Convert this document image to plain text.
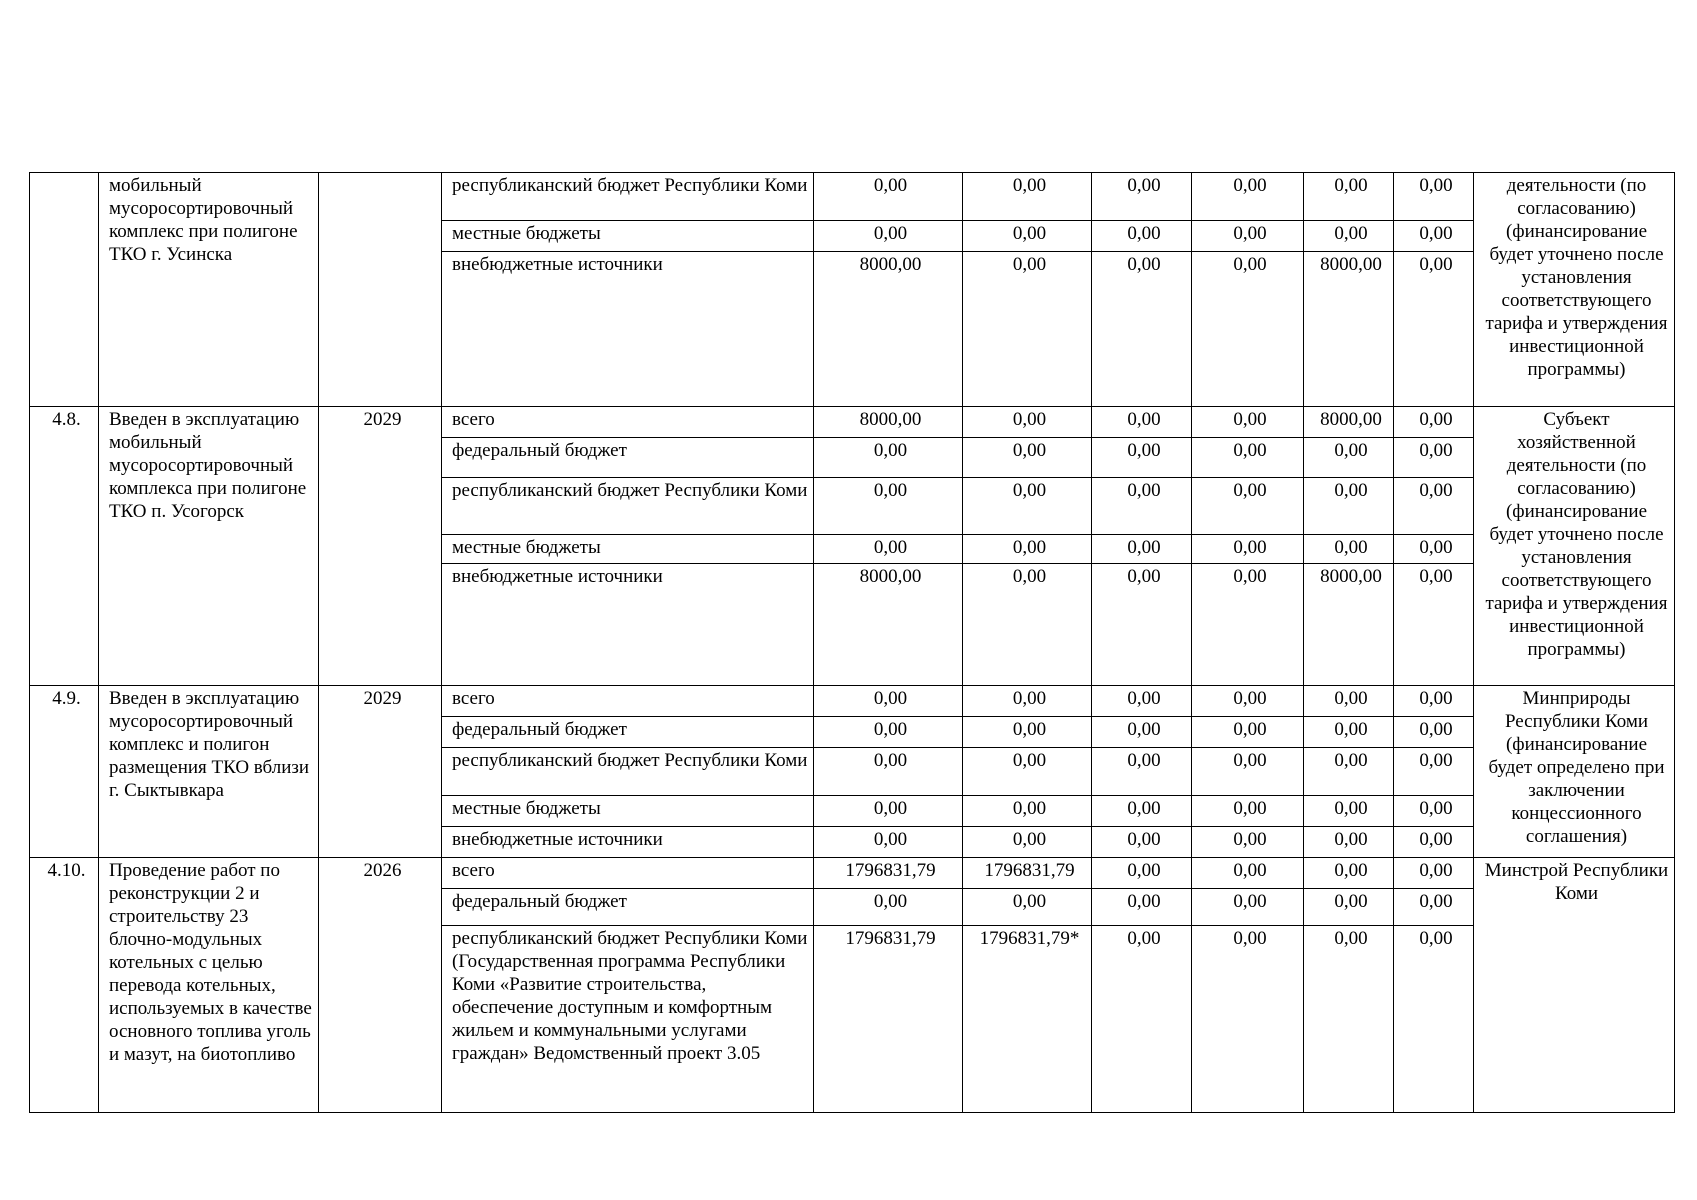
	мобильный мусоросортировочный комплекс при полигоне ТКО г. Усинска		республиканский бюджет Республики Коми	0,00	0,00	0,00	0,00	0,00	0,00	деятельности (по согласованию) (финансирование будет уточнено после установления соответствующего тарифа и утверждения инвестиционной программы)

			местные бюджеты	0,00	0,00	0,00	0,00	0,00	0,00	

			внебюджетные источники	8000,00	0,00	0,00	0,00	8000,00	0,00	
4.8.	Введен в эксплуатацию мобильный мусоросортировочный комплекса при полигоне ТКО п. Усогорск	2029	всего	8000,00	0,00	0,00	0,00	8000,00	0,00	Субъект хозяйственной деятельности (по согласованию) (финансирование будет уточнено после установления соответствующего тарифа и утверждения инвестиционной программы)

			федеральный бюджет	0,00	0,00	0,00	0,00	0,00	0,00	

			республиканский бюджет Республики Коми	0,00	0,00	0,00	0,00	0,00	0,00	

			местные бюджеты	0,00	0,00	0,00	0,00	0,00	0,00	

			внебюджетные источники	8000,00	0,00	0,00	0,00	8000,00	0,00	
4.9.	Введен в эксплуатацию мусоросортировочный комплекс и полигон размещения ТКО вблизи г. Сыктывкара	2029	всего	0,00	0,00	0,00	0,00	0,00	0,00	Минприроды Республики Коми (финансирование будет определено при заключении концессионного соглашения)

			федеральный бюджет	0,00	0,00	0,00	0,00	0,00	0,00	

			республиканский бюджет Республики Коми	0,00	0,00	0,00	0,00	0,00	0,00	

			местные бюджеты	0,00	0,00	0,00	0,00	0,00	0,00	

			внебюджетные источники	0,00	0,00	0,00	0,00	0,00	0,00	
4.10.	Проведение работ по реконструкции 2 и строительству 23 блочно-модульных котельных с целью перевода котельных, используемых в качестве основного топлива уголь и мазут, на биотопливо	2026	всего	1796831,79	1796831,79	0,00	0,00	0,00	0,00	Минстрой Республики Коми

			федеральный бюджет	0,00	0,00	0,00	0,00	0,00	0,00	

			республиканский бюджет Республики Коми
(Государственная программа Республики Коми «Развитие строительства, обеспечение доступным и комфортным жильем и коммунальными услугами граждан» Ведомственный проект 3.05	1796831,79	1796831,79*	0,00	0,00	0,00	0,00	
